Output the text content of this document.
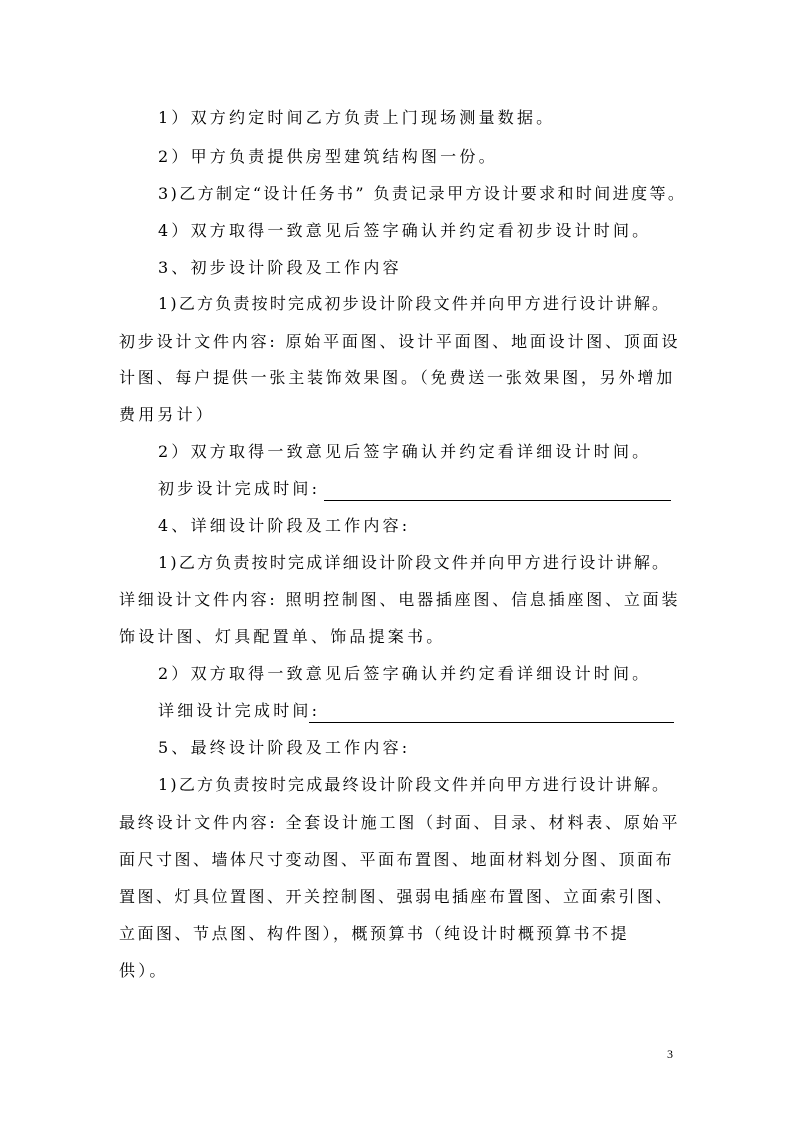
1）双方约定时间乙方负责上门现场测量数据。
2）甲方负责提供房型建筑结构图一份。
3)乙方制定“设计任务书” 负责记录甲方设计要求和时间进度等。
4）双方取得一致意见后签字确认并约定看初步设计时间。
3、初步设计阶段及工作内容
1)乙方负责按时完成初步设计阶段文件并向甲方进行设计讲解。
初步设计文件内容: 原始平面图、设计平面图、地面设计图、顶面设
计图、每户提供一张主装饰效果图。（免费送一张效果图，另外增加
费用另计）
2）双方取得一致意见后签字确认并约定看详细设计时间。
初步设计完成时间:
4、详细设计阶段及工作内容:
1)乙方负责按时完成详细设计阶段文件并向甲方进行设计讲解。
详细设计文件内容: 照明控制图、电器插座图、信息插座图、立面装
饰设计图、灯具配置单、饰品提案书。
2）双方取得一致意见后签字确认并约定看详细设计时间。
详细设计完成时间:
5、最终设计阶段及工作内容:
1)乙方负责按时完成最终设计阶段文件并向甲方进行设计讲解。
最终设计文件内容: 全套设计施工图（封面、目录、材料表、原始平
面尺寸图、墙体尺寸变动图、平面布置图、地面材料划分图、顶面布
置图、灯具位置图、开关控制图、强弱电插座布置图、立面索引图、
立面图、节点图、构件图），概预算书（纯设计时概预算书不提
供）。
3
